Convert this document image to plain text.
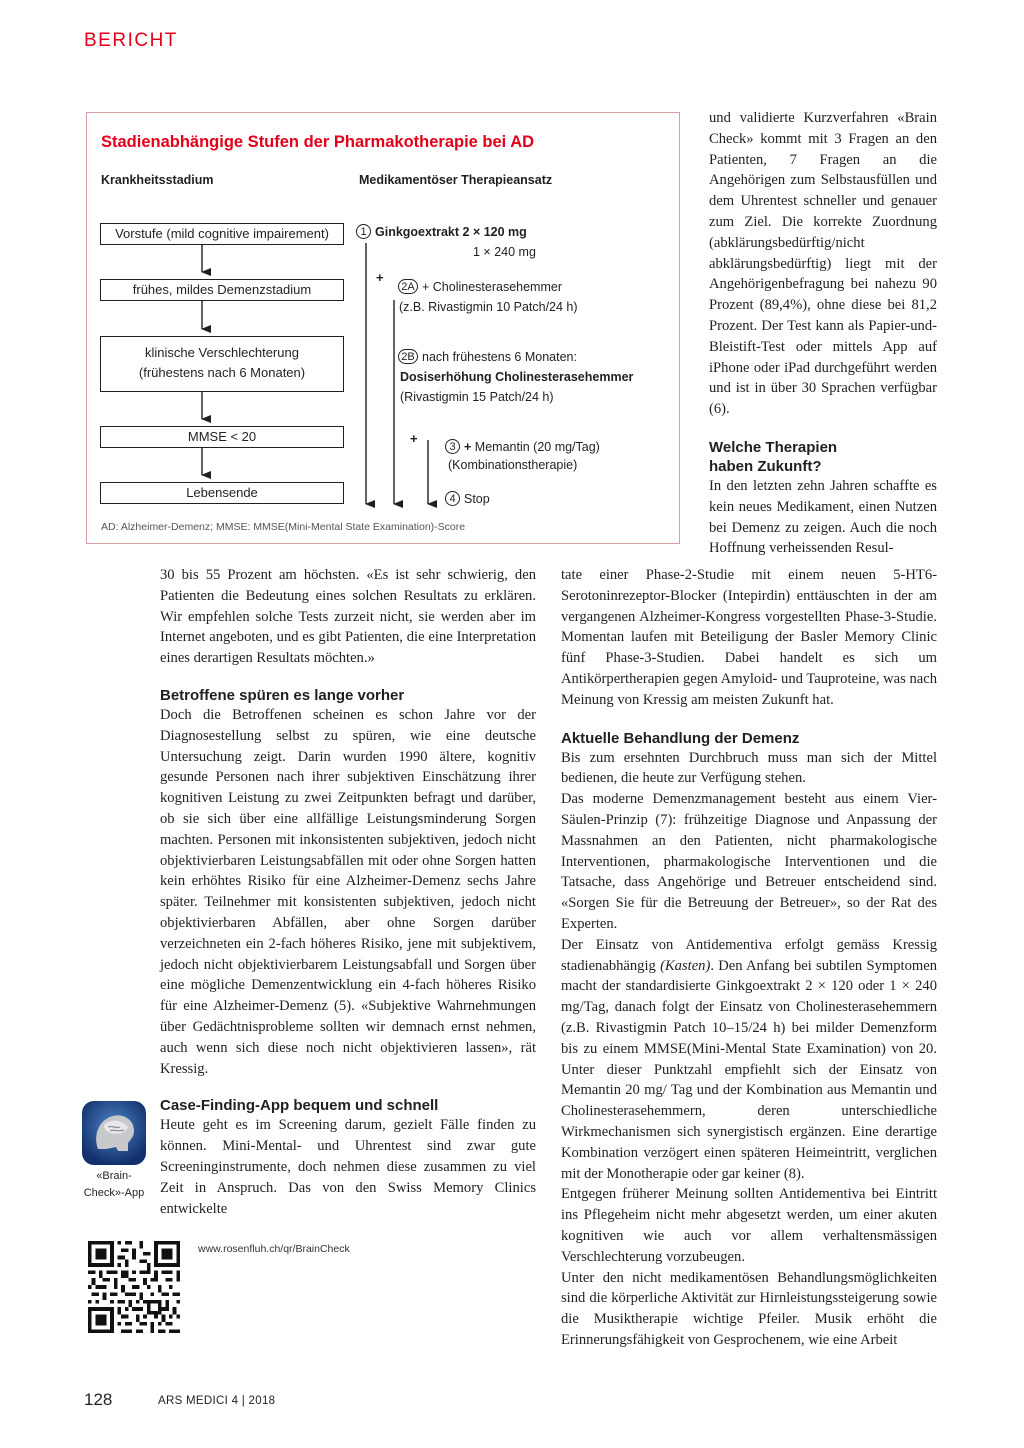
BERICHT
Stadienabhängige Stufen der Pharmakotherapie bei AD
Krankheitsstadium	Medikamentöser Therapieansatz
Vorstufe (mild cognitive impairement)
frühes, mildes Demenzstadium
klinische Verschlechterung
(frühestens nach 6 Monaten)
MMSE < 20
Lebensende
1 Ginkgoextrakt 2 × 120 mg
1 × 240 mg
+
2A + Cholinesterasehemmer
(z.B. Rivastigmin 10 Patch/24 h)
2B nach frühestens 6 Monaten:
Dosiserhöhung Cholinesterasehemmer
(Rivastigmin 15 Patch/24 h)
+
3 + Memantin (20 mg/Tag)
(Kombinationstherapie)
4 Stop
AD: Alzheimer-Demenz; MMSE: MMSE(Mini-Mental State Examination)-Score

und validierte Kurzverfahren «Brain Check» kommt mit 3 Fragen an den Patienten, 7 Fragen an die Angehörigen zum Selbstausfüllen und dem Uhrentest schneller und genauer zum Ziel. Die korrekte Zuordnung (abklärungsbedürftig/nicht abklärungsbedürftig) liegt mit der Angehörigenbefragung bei nahezu 90 Prozent (89,4%), ohne diese bei 81,2 Prozent. Der Test kann als Papier-und-Bleistift-Test oder mittels App auf iPhone oder iPad durchgeführt werden und ist in über 30 Sprachen verfügbar (6).

Welche Therapien
haben Zukunft?

In den letzten zehn Jahren schaffte es kein neues Medikament, einen Nutzen bei Demenz zu zeigen. Auch die noch Hoffnung verheissenden Resul-

30 bis 55 Prozent am höchsten. «Es ist sehr schwierig, den Patienten die Bedeutung eines solchen Resultats zu erklären. Wir empfehlen solche Tests zurzeit nicht, sie werden aber im Internet angeboten, und es gibt Patienten, die eine Interpretation eines derartigen Resultats möchten.»

Betroffene spüren es lange vorher

Doch die Betroffenen scheinen es schon Jahre vor der Diagnosestellung selbst zu spüren, wie eine deutsche Untersuchung zeigt. Darin wurden 1990 ältere, kognitiv gesunde Personen nach ihrer subjektiven Einschätzung ihrer kognitiven Leistung zu zwei Zeitpunkten befragt und darüber, ob sie sich über eine allfällige Leistungsminderung Sorgen machten. Personen mit inkonsistenten subjektiven, jedoch nicht objektivierbaren Leistungsabfällen mit oder ohne Sorgen hatten kein erhöhtes Risiko für eine Alzheimer-Demenz sechs Jahre später. Teilnehmer mit konsistenten subjektiven, jedoch nicht objektivierbaren Abfällen, aber ohne Sorgen darüber verzeichneten ein 2-fach höheres Risiko, jene mit subjektivem, jedoch nicht objektivierbarem Leistungsabfall und Sorgen über eine mögliche Demenzentwicklung ein 4-fach höheres Risiko für eine Alzheimer-Demenz (5). «Subjektive Wahrnehmungen über Gedächtnisprobleme sollten wir demnach ernst nehmen, auch wenn sich diese noch nicht objektivieren lassen», rät Kressig.

Case-Finding-App bequem und schnell

Heute geht es im Screening darum, gezielt Fälle finden zu können. Mini-Mental- und Uhrentest sind zwar gute Screeninginstrumente, doch nehmen diese zusammen zu viel Zeit in Anspruch. Das von den Swiss Memory Clinics entwickelte

«Brain-
Check»-App
www.rosenfluh.ch/qr/BrainCheck

tate einer Phase-2-Studie mit einem neuen 5-HT6-Serotoninrezeptor-Blocker (Intepirdin) enttäuschten in der am vergangenen Alzheimer-Kongress vorgestellten Phase-3-Studie. Momentan laufen mit Beteiligung der Basler Memory Clinic fünf Phase-3-Studien. Dabei handelt es sich um Antikörpertherapien gegen Amyloid- und Tauproteine, was nach Meinung von Kressig am meisten Zukunft hat.

Aktuelle Behandlung der Demenz

Bis zum ersehnten Durchbruch muss man sich der Mittel bedienen, die heute zur Verfügung stehen.

Das moderne Demenzmanagement besteht aus einem Vier-Säulen-Prinzip (7): frühzeitige Diagnose und Anpassung der Massnahmen an den Patienten, nicht pharmakologische Interventionen, pharmakologische Interventionen und die Tatsache, dass Angehörige und Betreuer entscheidend sind. «Sorgen Sie für die Betreuung der Betreuer», so der Rat des Experten.

Der Einsatz von Antidementiva erfolgt gemäss Kressig stadienabhängig (Kasten). Den Anfang bei subtilen Symptomen macht der standardisierte Ginkgoextrakt 2 × 120 oder 1 × 240 mg/Tag, danach folgt der Einsatz von Cholinesterasehemmern (z.B. Rivastigmin Patch 10–15/24 h) bei milder Demenzform bis zu einem MMSE(Mini-Mental State Examination) von 20. Unter dieser Punktzahl empfiehlt sich der Einsatz von Memantin 20 mg/ Tag und der Kombination aus Memantin und Cholinesterasehemmern, deren unterschiedliche Wirkmechanismen sich synergistisch ergänzen. Eine derartige Kombination verzögert einen späteren Heimeintritt, verglichen mit der Monotherapie oder gar keiner (8).

Entgegen früherer Meinung sollten Antidementiva bei Eintritt ins Pflegeheim nicht mehr abgesetzt werden, um einer akuten kognitiven wie auch vor allem verhaltensmässigen Verschlechterung vorzubeugen.

Unter den nicht medikamentösen Behandlungsmöglichkeiten sind die körperliche Aktivität zur Hirnleistungssteigerung sowie die Musiktherapie wichtige Pfeiler. Musik erhöht die Erinnerungsfähigkeit von Gesprochenem, wie eine Arbeit

128	ARS MEDICI 4 | 2018
